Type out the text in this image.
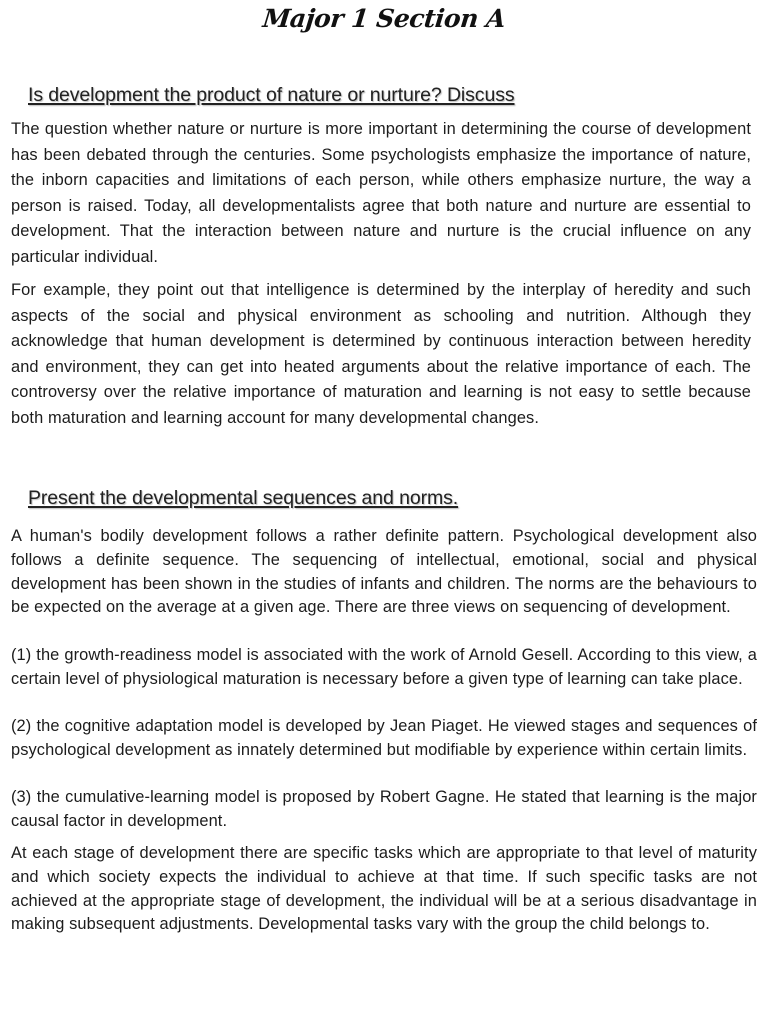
Major 1 Section A
Is development the product of nature or nurture? Discuss

The question whether nature or nurture is more important in determining the course of development has been debated through the centuries. Some psychologists emphasize the importance of nature, the inborn capacities and limitations of each person, while others emphasize nurture, the way a person is raised. Today, all developmentalists agree that both nature and nurture are essential to development. That the interaction between nature and nurture is the crucial influence on any particular individual.

For example, they point out that intelligence is determined by the interplay of heredity and such aspects of the social and physical environment as schooling and nutrition. Although they acknowledge that human development is determined by continuous interaction between heredity and environment, they can get into heated arguments about the relative importance of each. The controversy over the relative importance of maturation and learning is not easy to settle because both maturation and learning account for many developmental changes.

Present the developmental sequences and norms.

A human's bodily development follows a rather definite pattern. Psychological development also follows a definite sequence. The sequencing of intellectual, emotional, social and physical development has been shown in the studies of infants and children. The norms are the behaviours to be expected on the average at a given age. There are three views on sequencing of development.

(1) the growth-readiness model is associated with the work of Arnold Gesell. According to this view, a certain level of physiological maturation is necessary before a given type of learning can take place.

(2) the cognitive adaptation model is developed by Jean Piaget. He viewed stages and sequences of psychological development as innately determined but modifiable by experience within certain limits.

(3) the cumulative-learning model is proposed by Robert Gagne. He stated that learning is the major causal factor in development.

At each stage of development there are specific tasks which are appropriate to that level of maturity and which society expects the individual to achieve at that time. If such specific tasks are not achieved at the appropriate stage of development, the individual will be at a serious disadvantage in making subsequent adjustments. Developmental tasks vary with the group the child belongs to.
